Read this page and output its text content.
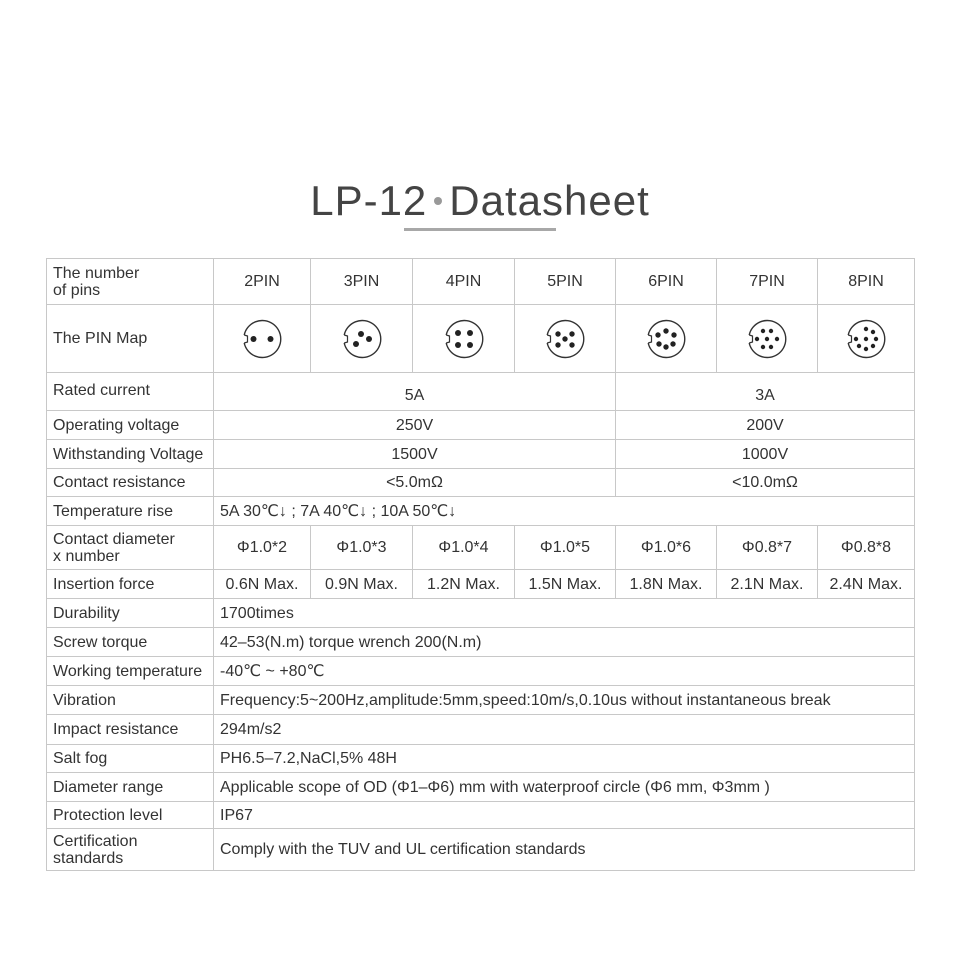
LP-12 Datasheet
The number
of pins	2PIN	3PIN	4PIN	5PIN	6PIN	7PIN	8PIN
The PIN Map	

Rated current	5A				3A		
Operating voltage	250V				200V		
Withstanding Voltage	1500V				1000V		
Contact resistance	<5.0mΩ				<10.0mΩ		
Temperature rise	5A 30℃↓ ; 7A 40℃↓ ; 10A 50℃↓						

Contact diameter
x number	Φ1.0*2	Φ1.0*3	Φ1.0*4	Φ1.0*5	Φ1.0*6	Φ0.8*7	Φ0.8*8
Insertion force	0.6N Max.	0.9N Max.	1.2N Max.	1.5N Max.	1.8N Max.	2.1N Max.	2.4N Max.
Durability	1700times						
Screw torque	42–53(N.m) torque wrench 200(N.m)						
Working temperature	-40℃ ~ +80℃						
Vibration	Frequency:5~200Hz,amplitude:5mm,speed:10m/s,0.10us without instantaneous break						
Impact resistance	294m/s2						
Salt fog	PH6.5–7.2,NaCl,5% 48H						
Diameter range	Applicable scope of OD (Φ1–Φ6) mm with waterproof circle (Φ6 mm, Φ3mm )						
Protection level	IP67						

Certification
standards	Comply with the TUV and UL certification standards						
